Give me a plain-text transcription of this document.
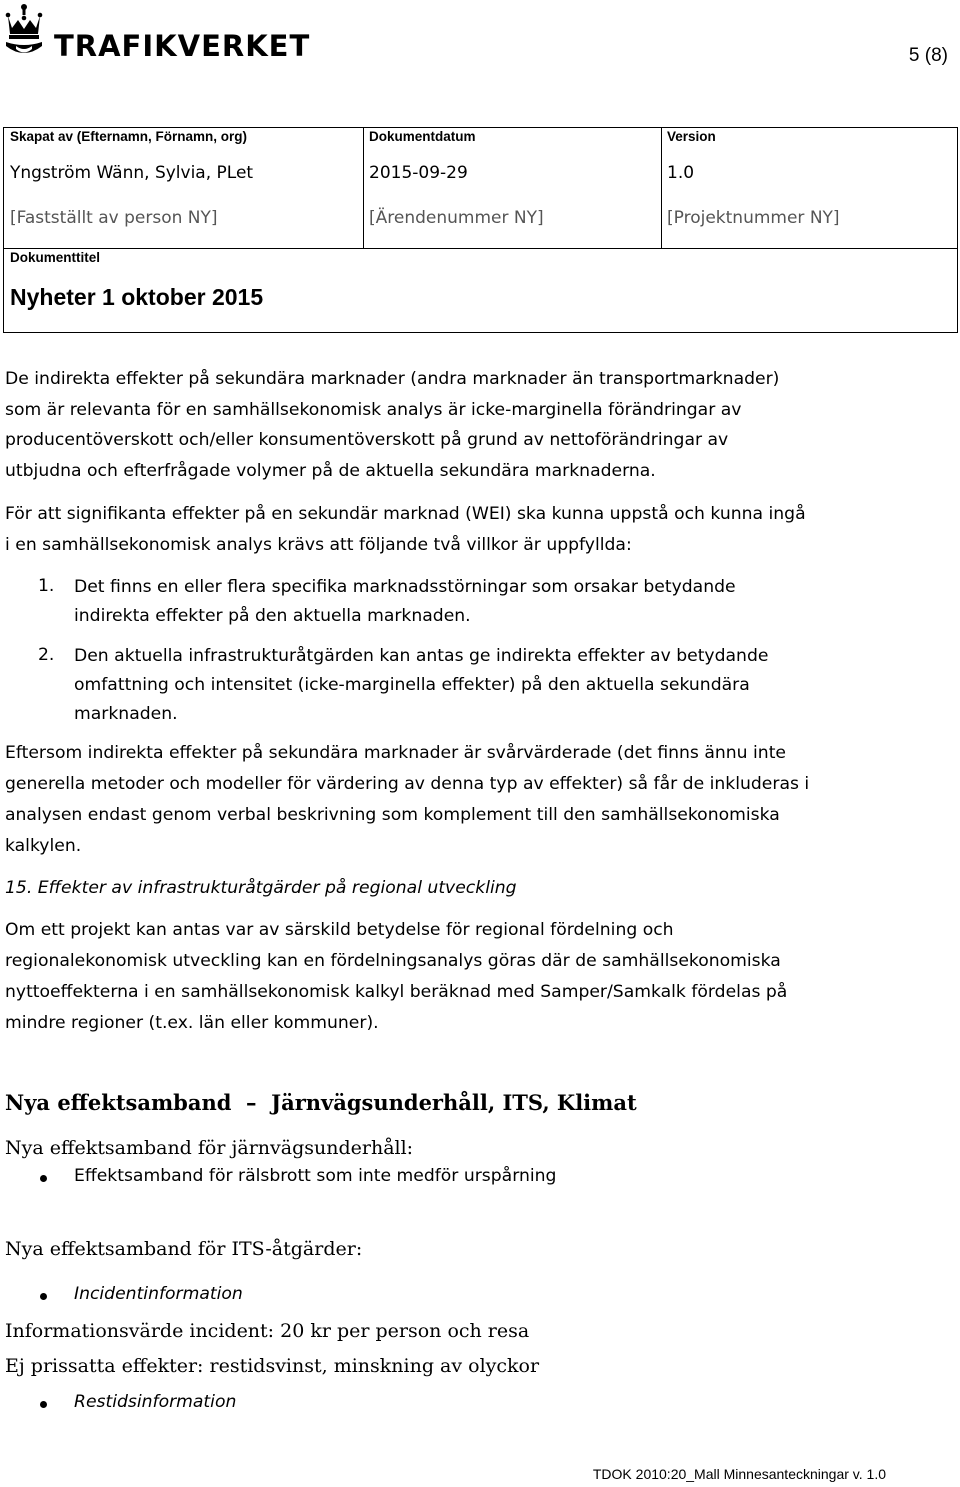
TRAFIKVERKET	5 (8)
Skapat av (Efternamn, Förnamn, org)
Yngström Wänn, Sylvia, PLet
[Fastställt av person NY]
Dokumentdatum
2015-09-29
[Ärendenummer NY]
Version
1.0
[Projektnummer NY]
Dokumenttitel
Nyheter 1 oktober 2015
De indirekta effekter på sekundära marknader (andra marknader än transportmarknader)
som är relevanta för en samhällsekonomisk analys är icke-marginella förändringar av
producentöverskott och/eller konsumentöverskott på grund av nettoförändringar av
utbjudna och efterfrågade volymer på de aktuella sekundära marknaderna.
För att signifikanta effekter på en sekundär marknad (WEI) ska kunna uppstå och kunna ingå
i en samhällsekonomisk analys krävs att följande två villkor är uppfyllda:
1. Det finns en eller flera specifika marknadsstörningar som orsakar betydande
indirekta effekter på den aktuella marknaden.
2. Den aktuella infrastrukturåtgärden kan antas ge indirekta effekter av betydande
omfattning och intensitet (icke-marginella effekter) på den aktuella sekundära
marknaden.
Eftersom indirekta effekter på sekundära marknader är svårvärderade (det finns ännu inte
generella metoder och modeller för värdering av denna typ av effekter) så får de inkluderas i
analysen endast genom verbal beskrivning som komplement till den samhällsekonomiska
kalkylen.
15. Effekter av infrastrukturåtgärder på regional utveckling
Om ett projekt kan antas var av särskild betydelse för regional fördelning och
regionalekonomisk utveckling kan en fördelningsanalys göras där de samhällsekonomiska
nyttoeffekterna i en samhällsekonomisk kalkyl beräknad med Samper/Samkalk fördelas på
mindre regioner (t.ex. län eller kommuner).
Nya effektsamband  –  Järnvägsunderhåll, ITS, Klimat
Nya effektsamband för järnvägsunderhåll:
Effektsamband för rälsbrott som inte medför urspårning
Nya effektsamband för ITS-åtgärder:
Incidentinformation
Informationsvärde incident: 20 kr per person och resa
Ej prissatta effekter: restidsvinst, minskning av olyckor
Restidsinformation
TDOK 2010:20_Mall Minnesanteckningar v. 1.0
